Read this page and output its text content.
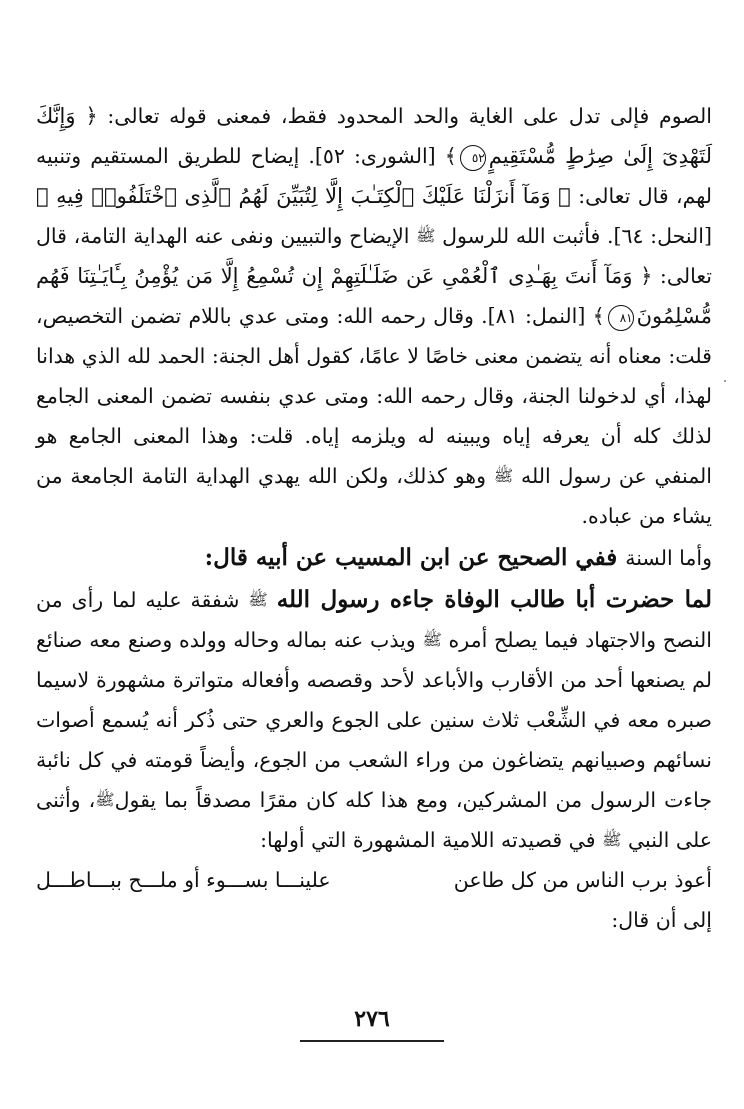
الصوم فإلى تدل على الغاية والحد المحدود فقط، فمعنى قوله تعالى: ﴿ وَإِنَّكَ لَتَهْدِىٓ إِلَىٰ صِرَٰطٍ مُّسْتَقِيمٍ٥٢﴾ [الشورى: ٥٢]. إيضاح للطريق المستقيم وتنبيه لهم، قال تعالى: ﴿ وَمَآ أَنزَلْنَا عَلَيْكَ ٱلْكِتَـٰبَ إِلَّا لِتُبَيِّنَ لَهُمُ ٱلَّذِى ٱخْتَلَفُوا۟ فِيهِ ﴾ [النحل: ٦٤]. فأثبت الله للرسول ﷺ الإيضاح والتبيين ونفى عنه الهداية التامة، قال تعالى: ﴿ وَمَآ أَنتَ بِهَـٰدِى ٱلْعُمْىِ عَن ضَلَـٰلَتِهِمْ إِن تُسْمِعُ إِلَّا مَن يُؤْمِنُ بِـَٔايَـٰتِنَا فَهُم مُّسْلِمُونَ٨١﴾ [النمل: ٨١]. وقال رحمه الله: ومتى عدي باللام تضمن التخصيص، قلت: معناه أنه يتضمن معنى خاصًا لا عامًا، كقول أهل الجنة: الحمد لله الذي هدانا لهذا، أي لدخولنا الجنة، وقال رحمه الله: ومتى عدي بنفسه تضمن المعنى الجامع لذلك كله أن يعرفه إياه ويبينه له ويلزمه إياه. قلت: وهذا المعنى الجامع هو المنفي عن رسول الله ﷺ وهو كذلك، ولكن الله يهدي الهداية التامة الجامعة من يشاء من عباده.

وأما السنة ففي الصحيح عن ابن المسيب عن أبيه قال:

لما حضرت أبا طالب الوفاة جاءه رسول الله ﷺ شفقة عليه لما رأى من النصح والاجتهاد فيما يصلح أمره ﷺ ويذب عنه بماله وحاله وولده وصنع معه صنائع لم يصنعها أحد من الأقارب والأباعد لأحد وقصصه وأفعاله متواترة مشهورة لاسيما صبره معه في الشِّعْب ثلاث سنين على الجوع والعري حتى ذُكر أنه يُسمع أصوات نسائهم وصبيانهم يتضاغون من وراء الشعب من الجوع، وأيضاً قومته في كل نائبة جاءت الرسول من المشركين، ومع هذا كله كان مقرًا مصدقاً بما يقولﷺ، وأثنى على النبي ﷺ في قصيدته اللامية المشهورة التي أولها:

أعوذ برب الناس من كل طاعن
علينـــا بســـوء أو ملـــح ببـــاطـــل

إلى أن قال:

٢٧٦
